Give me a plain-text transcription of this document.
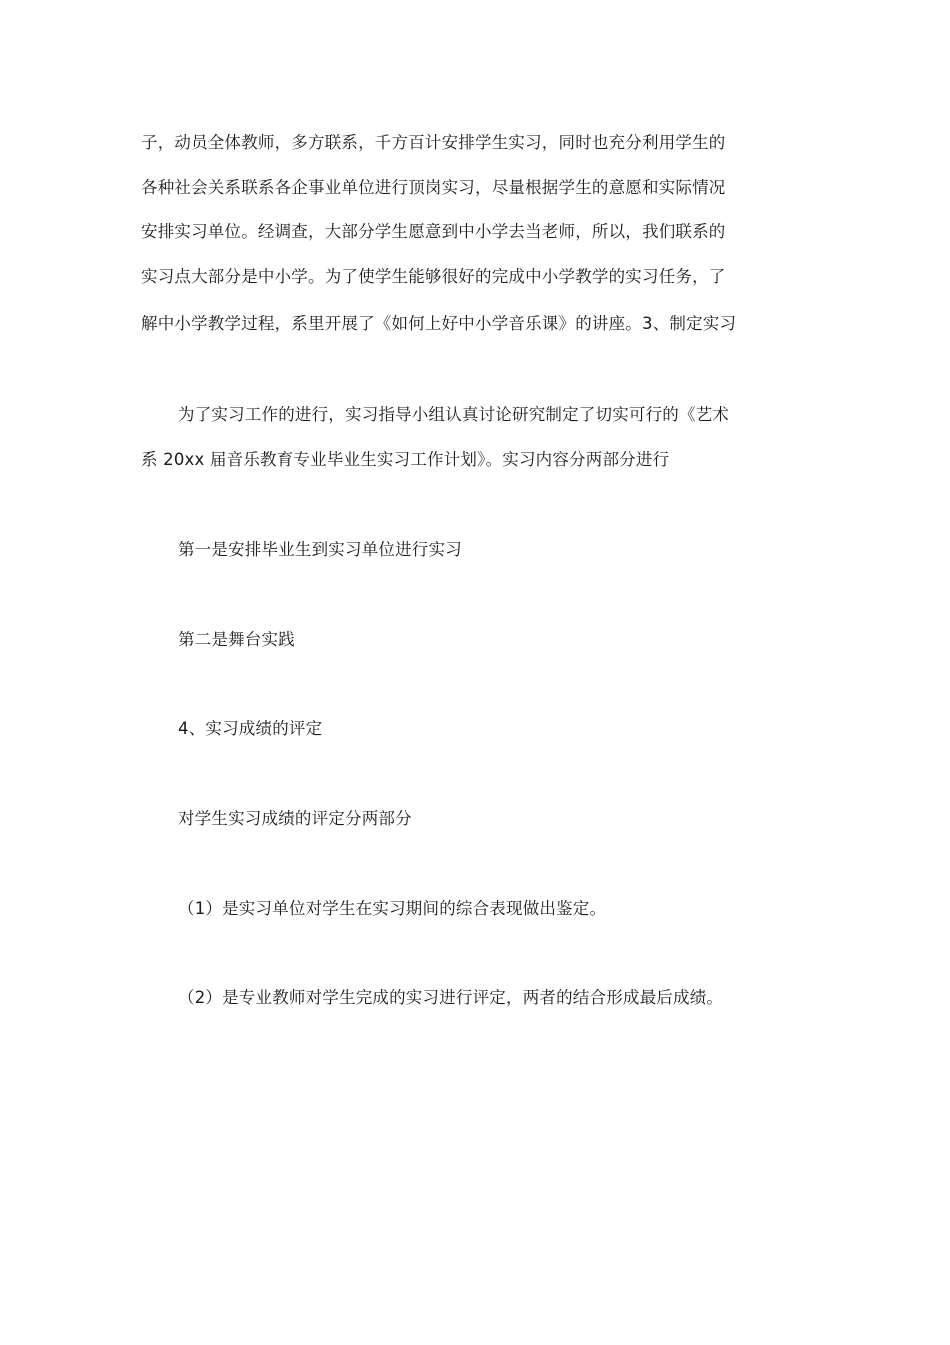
子，动员全体教师，多方联系，千方百计安排学生实习，同时也充分利用学生的
各种社会关系联系各企事业单位进行顶岗实习，尽量根据学生的意愿和实际情况
安排实习单位。经调查，大部分学生愿意到中小学去当老师，所以，我们联系的
实习点大部分是中小学。为了使学生能够很好的完成中小学教学的实习任务，了
解中小学教学过程，系里开展了《如何上好中小学音乐课》的讲座。3、制定实习
为了实习工作的进行，实习指导小组认真讨论研究制定了切实可行的《艺术
系 20xx 届音乐教育专业毕业生实习工作计划》。实习内容分两部分进行
第一是安排毕业生到实习单位进行实习
第二是舞台实践
4、实习成绩的评定
对学生实习成绩的评定分两部分
（1）是实习单位对学生在实习期间的综合表现做出鉴定。
（2）是专业教师对学生完成的实习进行评定，两者的结合形成最后成绩。
